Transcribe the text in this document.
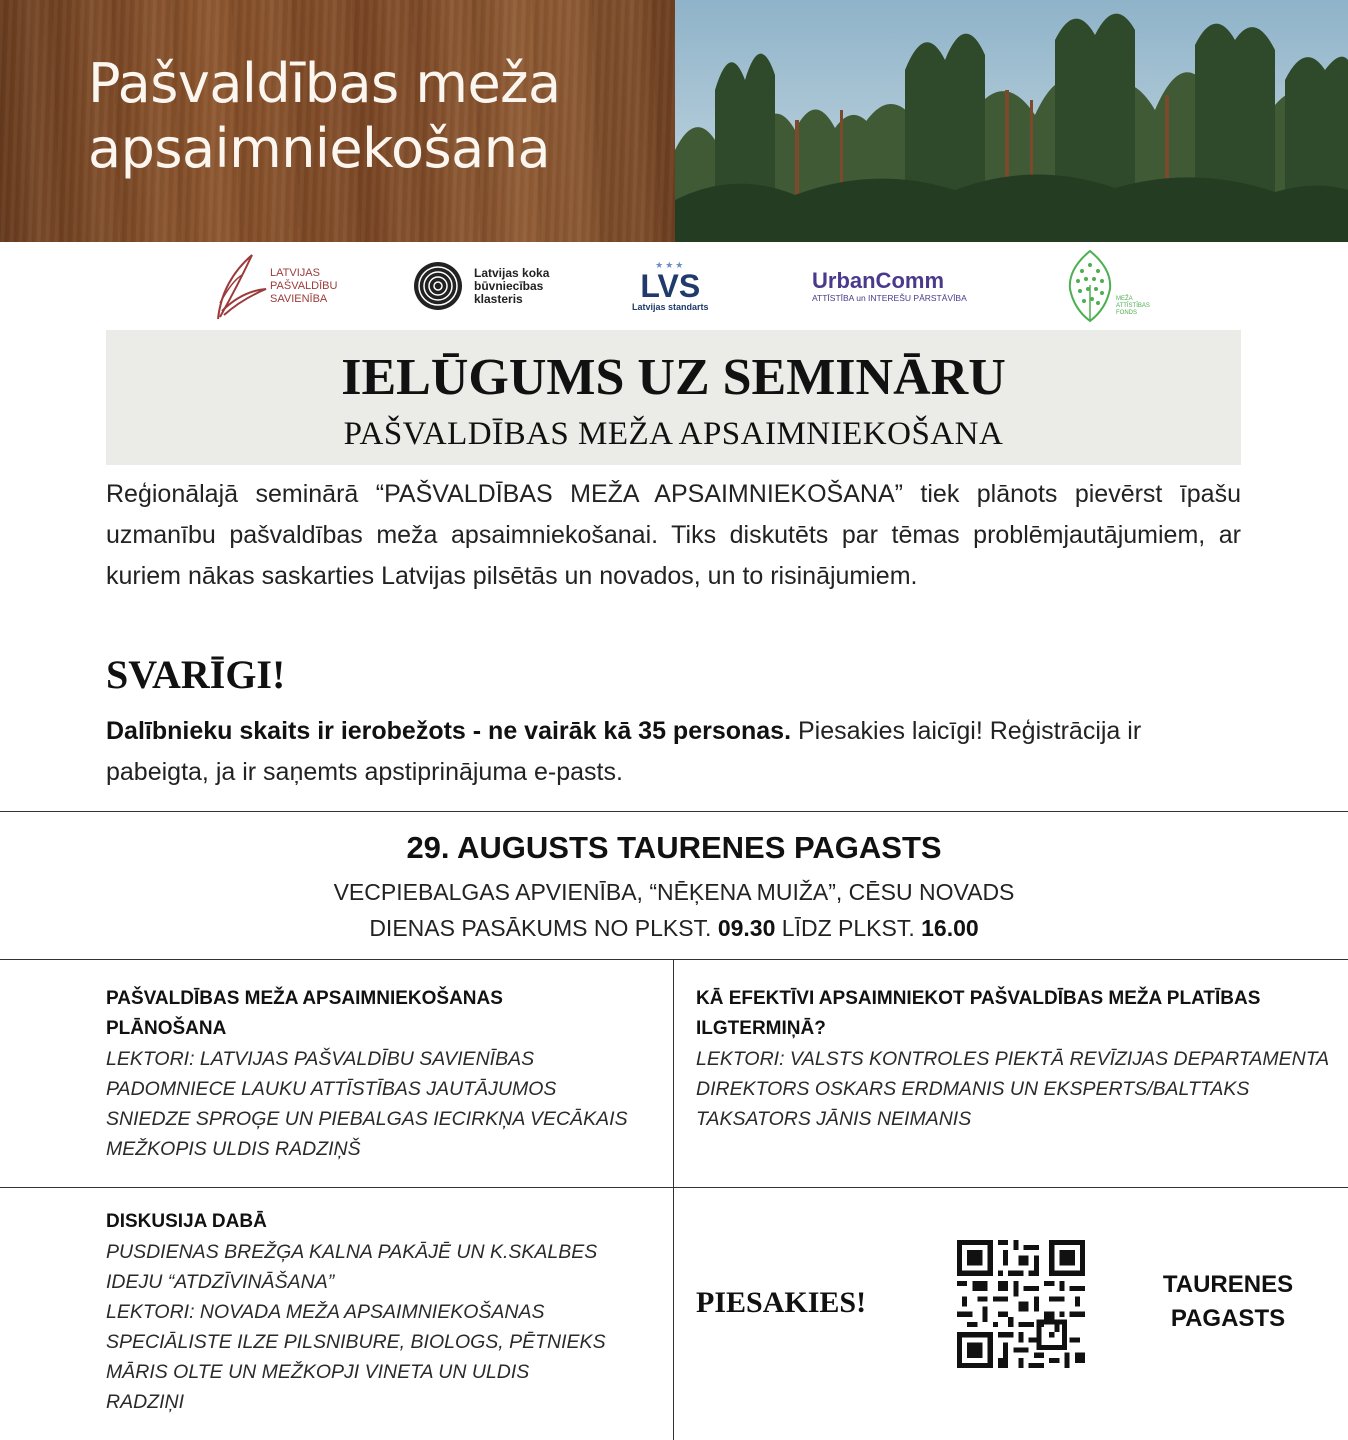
Pašvaldības meža
apsaimniekošana
LATVIJAS
PAŠVALDĪBU
SAVIENĪBA
Latvijas koka
būvniecības
klasteris
★★★
LVS
Latvijas standarts
UrbanComm
ATTĪSTĪBA un INTEREŠU PĀRSTĀVĪBA	MEŽA
ATTĪSTĪBAS
FONDS
IELŪGUMS UZ SEMINĀRU
PAŠVALDĪBAS MEŽA APSAIMNIEKOŠANA
Reģionālajā seminārā “PAŠVALDĪBAS MEŽA APSAIMNIEKOŠANA” tiek plānots pievērst īpašu uzmanību pašvaldības meža apsaimniekošanai. Tiks diskutēts par tēmas problēmjautājumiem, ar kuriem nākas saskarties Latvijas pilsētās un novados, un to risinājumiem.
SVARĪGI!
Dalībnieku skaits ir ierobežots - ne vairāk kā 35 personas. Piesakies laicīgi! Reģistrācija ir pabeigta, ja ir saņemts apstiprinājuma e-pasts.
29. AUGUSTS TAURENES PAGASTS
VECPIEBALGAS APVIENĪBA, “NĒĶENA MUIŽA”, CĒSU NOVADS
DIENAS PASĀKUMS NO PLKST. 09.30 LĪDZ PLKST. 16.00
PAŠVALDĪBAS MEŽA APSAIMNIEKOŠANAS
PLĀNOŠANA
LEKTORI: LATVIJAS PAŠVALDĪBU SAVIENĪBAS
PADOMNIECE LAUKU ATTĪSTĪBAS JAUTĀJUMOS
SNIEDZE SPROĢE UN PIEBALGAS IECIRKŅA VECĀKAIS
MEŽKOPIS ULDIS RADZIŅŠ
KĀ EFEKTĪVI APSAIMNIEKOT PAŠVALDĪBAS MEŽA PLATĪBAS
ILGTERMIŅĀ?
LEKTORI: VALSTS KONTROLES PIEKTĀ REVĪZIJAS DEPARTAMENTA
DIREKTORS OSKARS ERDMANIS UN EKSPERTS/BALTTAKS
TAKSATORS JĀNIS NEIMANIS
DISKUSIJA DABĀ
PUSDIENAS BREŽĢA KALNA PAKĀJĒ UN K.SKALBES
IDEJU “ATDZĪVINĀŠANA”
LEKTORI: NOVADA MEŽA APSAIMNIEKOŠANAS
SPECIĀLISTE ILZE PILSNIBURE, BIOLOGS, PĒTNIEKS
MĀRIS OLTE UN MEŽKOPJI VINETA UN ULDIS
RADZIŅI
PIESAKIES!
TAURENES
PAGASTS
